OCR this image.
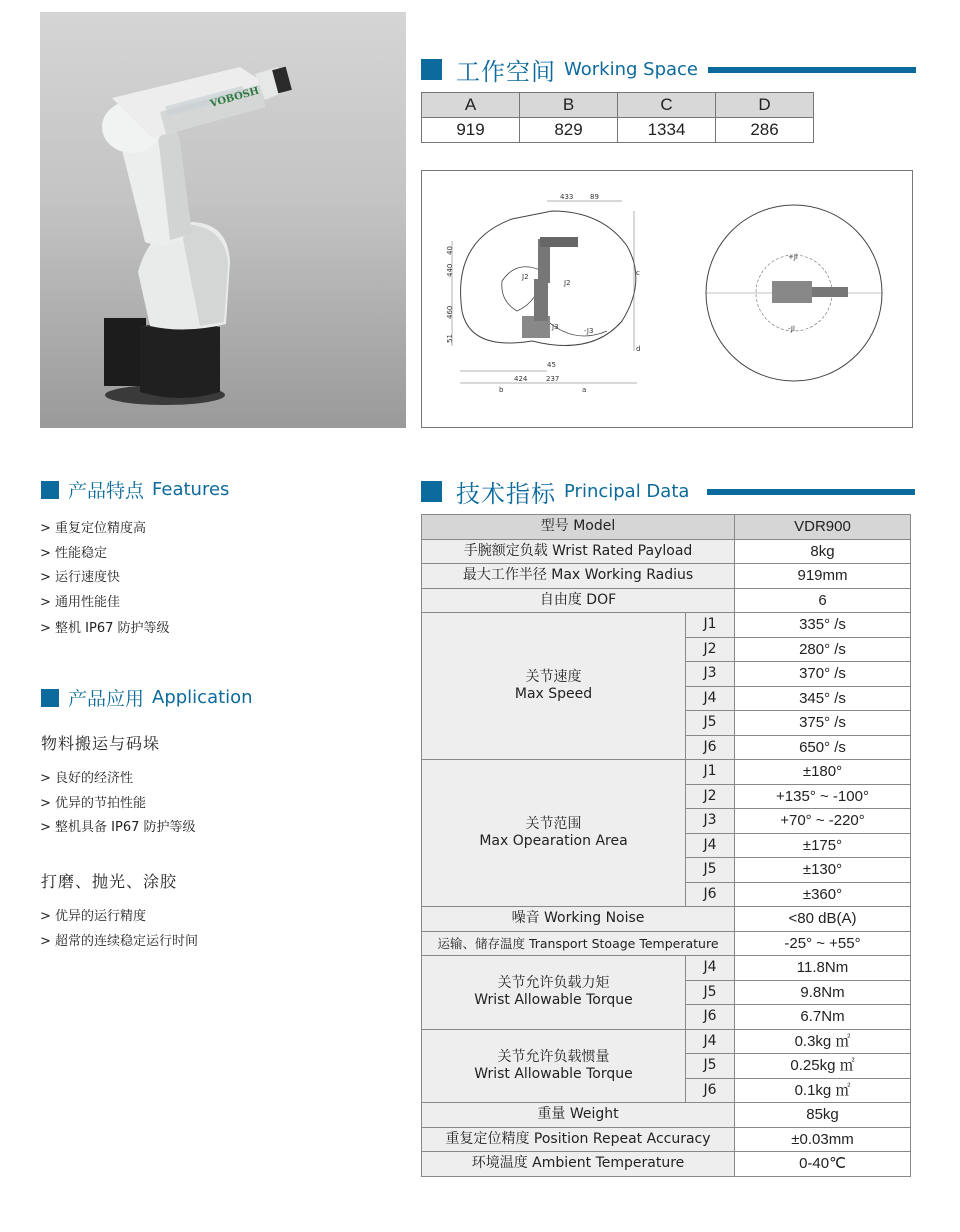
VOBOSH
工作空间 Working Space
A	B	C	D
919	829	1334	286
433 89
40
440
460
51
45
424	237
a
b
c
d
J2
J2
J3	-J3
+Jl
-Jl
产品特点 Features
> 重复定位精度高
> 性能稳定
> 运行速度快
> 通用性能佳
> 整机 IP67 防护等级
产品应用 Application
物料搬运与码垛
> 良好的经济性
> 优异的节拍性能
> 整机具备 IP67 防护等级
打磨、抛光、涂胶
> 优异的运行精度
> 超常的连续稳定运行时间
技术指标 Principal Data
型号 Model		VDR900
手腕额定负载 Wrist Rated Payload		8kg
最大工作半径 Max Working Radius		919mm
自由度 DOF		6

关节速度
Max Speed	J1	335° /s
	J2	280° /s
	J3	370° /s
	J4	345° /s
	J5	375° /s
	J6	650° /s

关节范围
Max Opearation Area	J1	±180°
	J2	+135° ~ -100°
	J3	+70° ~ -220°
	J4	±175°
	J5	±130°
	J6	±360°
噪音 Working Noise		<80 dB(A)
运输、储存温度 Transport Stoage Temperature		-25° ~ +55°

关节允许负载力矩
Wrist Allowable Torque	J4	11.8Nm
	J5	9.8Nm
	J6	6.7Nm

关节允许负载惯量
Wrist Allowable Torque	J4	0.3kg ㎡
	J5	0.25kg ㎡
	J6	0.1kg ㎡
重量 Weight		85kg
重复定位精度 Position Repeat Accuracy		±0.03mm
环境温度 Ambient Temperature		0-40℃
